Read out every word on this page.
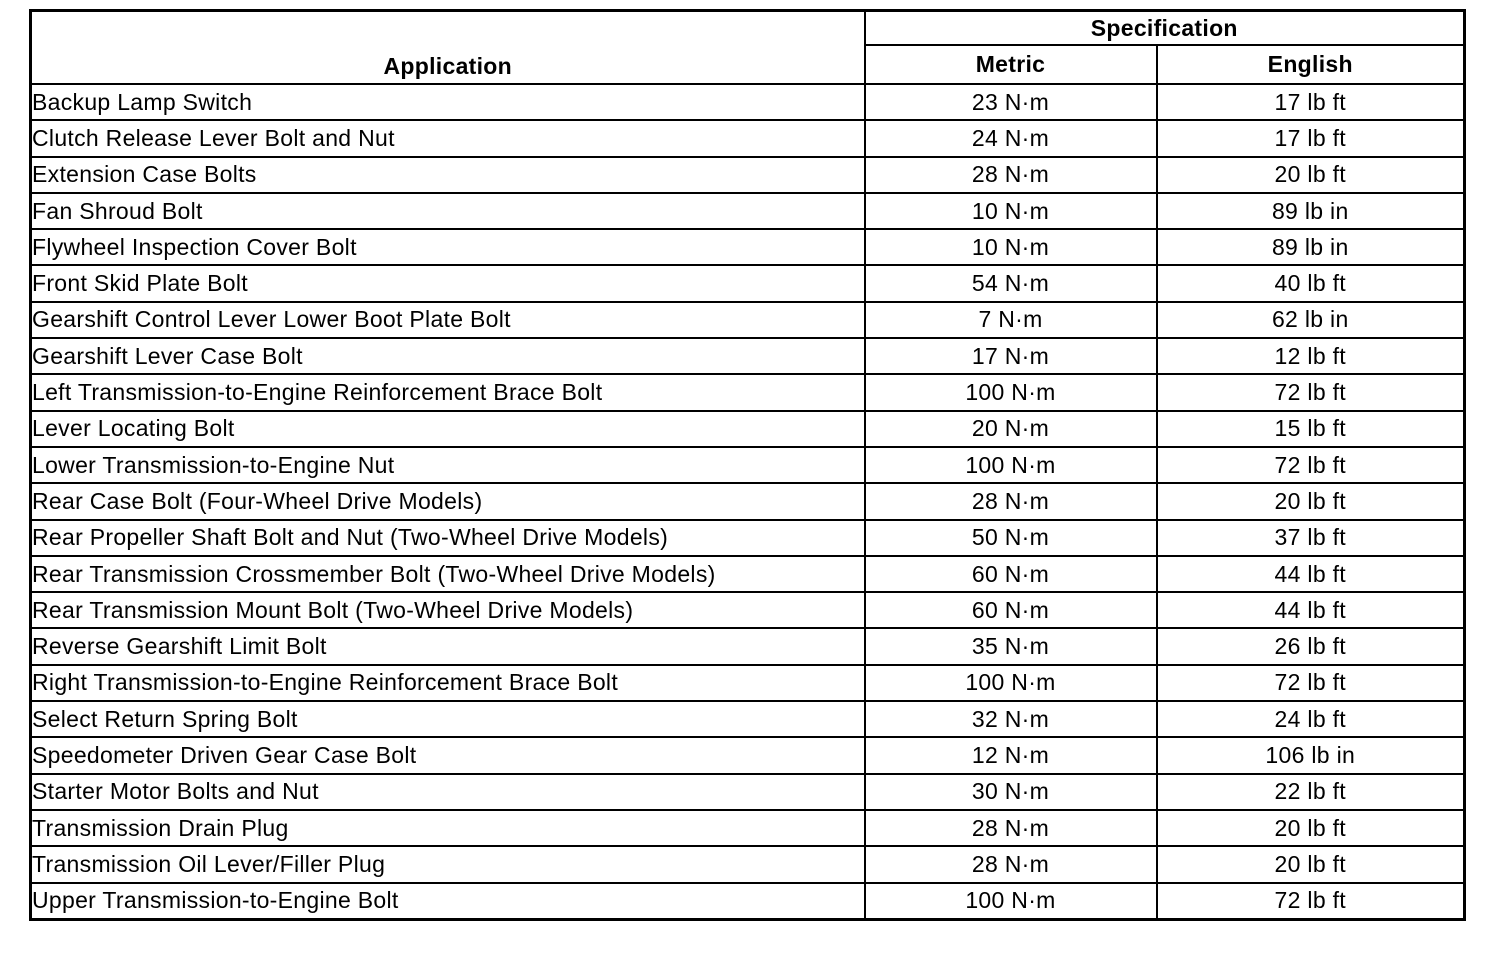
Application	Specification	
	Metric	English
Backup Lamp Switch	23 N·m	17 lb ft
Clutch Release Lever Bolt and Nut	24 N·m	17 lb ft
Extension Case Bolts	28 N·m	20 lb ft
Fan Shroud Bolt	10 N·m	89 lb in
Flywheel Inspection Cover Bolt	10 N·m	89 lb in
Front Skid Plate Bolt	54 N·m	40 lb ft
Gearshift Control Lever Lower Boot Plate Bolt	7 N·m	62 lb in
Gearshift Lever Case Bolt	17 N·m	12 lb ft
Left Transmission-to-Engine Reinforcement Brace Bolt	100 N·m	72 lb ft
Lever Locating Bolt	20 N·m	15 lb ft
Lower Transmission-to-Engine Nut	100 N·m	72 lb ft
Rear Case Bolt (Four-Wheel Drive Models)	28 N·m	20 lb ft
Rear Propeller Shaft Bolt and Nut (Two-Wheel Drive Models)	50 N·m	37 lb ft
Rear Transmission Crossmember Bolt (Two-Wheel Drive Models)	60 N·m	44 lb ft
Rear Transmission Mount Bolt (Two-Wheel Drive Models)	60 N·m	44 lb ft
Reverse Gearshift Limit Bolt	35 N·m	26 lb ft
Right Transmission-to-Engine Reinforcement Brace Bolt	100 N·m	72 lb ft
Select Return Spring Bolt	32 N·m	24 lb ft
Speedometer Driven Gear Case Bolt	12 N·m	106 lb in
Starter Motor Bolts and Nut	30 N·m	22 lb ft
Transmission Drain Plug	28 N·m	20 lb ft
Transmission Oil Lever/Filler Plug	28 N·m	20 lb ft
Upper Transmission-to-Engine Bolt	100 N·m	72 lb ft
